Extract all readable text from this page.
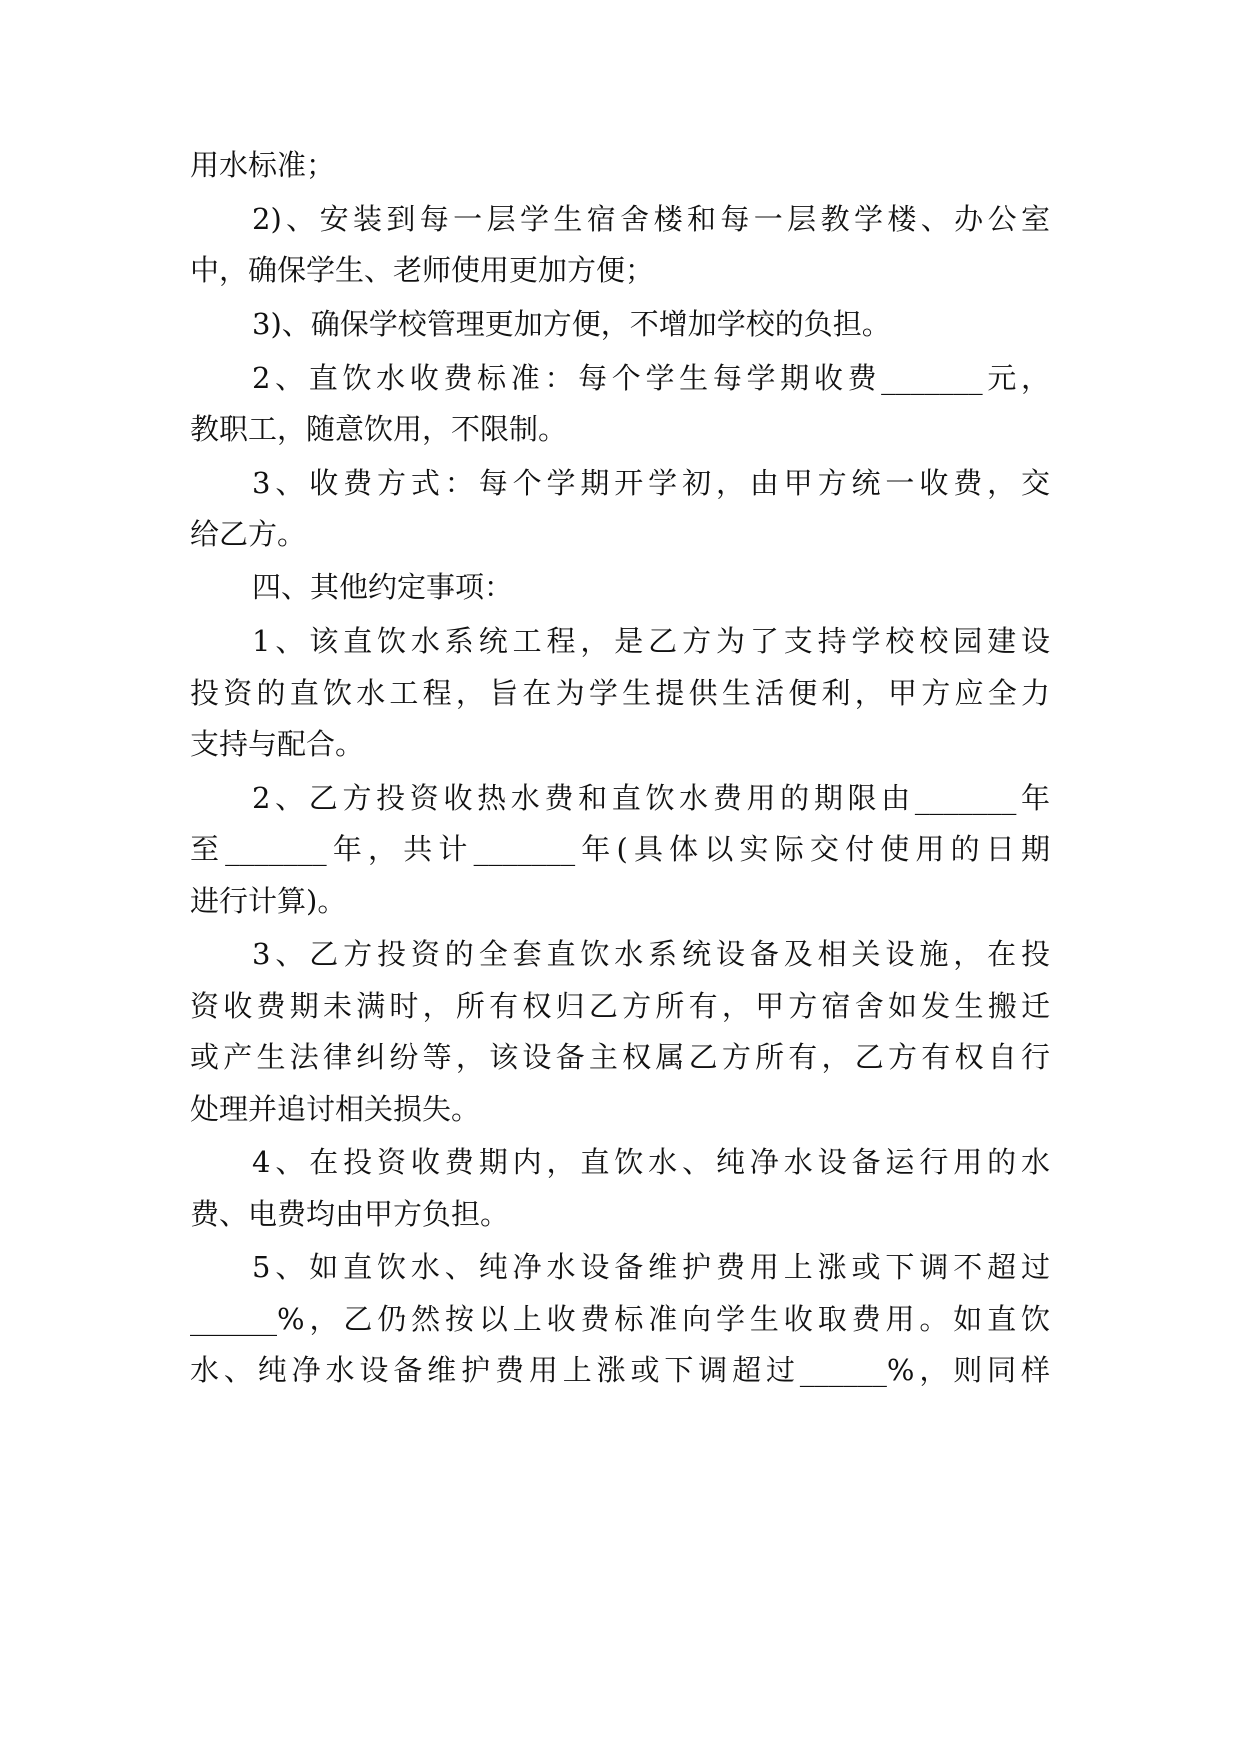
用水标准；
2)、安装到每一层学生宿舍楼和每一层教学楼、办公室
中，确保学生、老师使用更加方便；
3)、确保学校管理更加方便，不增加学校的负担。
2、直饮水收费标准：每个学生每学期收费_______元，
教职工，随意饮用，不限制。
3、收费方式：每个学期开学初，由甲方统一收费，交
给乙方。
四、其他约定事项：
1、该直饮水系统工程，是乙方为了支持学校校园建设
投资的直饮水工程，旨在为学生提供生活便利，甲方应全力
支持与配合。
2、乙方投资收热水费和直饮水费用的期限由_______年
至_______年，共计_______年(具体以实际交付使用的日期
进行计算)。
3、乙方投资的全套直饮水系统设备及相关设施，在投
资收费期未满时，所有权归乙方所有，甲方宿舍如发生搬迁
或产生法律纠纷等，该设备主权属乙方所有，乙方有权自行
处理并追讨相关损失。
4、在投资收费期内，直饮水、纯净水设备运行用的水
费、电费均由甲方负担。
5、如直饮水、纯净水设备维护费用上涨或下调不超过
______%，乙仍然按以上收费标准向学生收取费用。如直饮
水、纯净水设备维护费用上涨或下调超过______%，则同样
